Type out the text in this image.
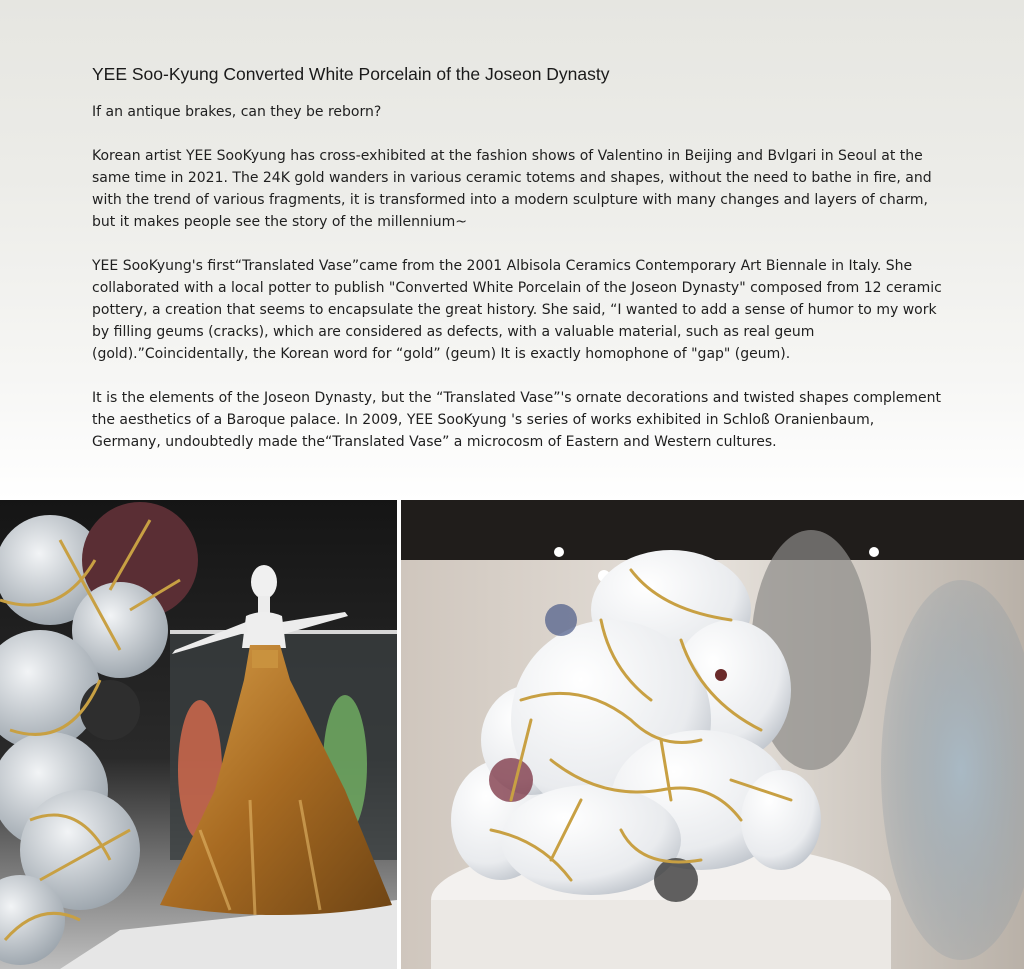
YEE Soo-Kyung Converted White Porcelain of the Joseon Dynasty

If an antique brakes, can they be reborn?

Korean artist YEE SooKyung has cross-exhibited at the fashion shows of Valentino in Beijing and Bvlgari in Seoul at the same time in 2021. The 24K gold wanders in various ceramic totems and shapes, without the need to bathe in fire, and with the trend of various fragments, it is transformed into a modern sculpture with many changes and layers of charm, but it makes people see the story of the millennium~

YEE SooKyung's first“Translated Vase”came from the 2001 Albisola Ceramics Contemporary Art Biennale in Italy. She collaborated with a local potter to publish "Converted White Porcelain of the Joseon Dynasty" composed from 12 ceramic pottery, a creation that seems to encapsulate the great history. She said, “I wanted to add a sense of humor to my work by filling geums (cracks), which are considered as defects, with a valuable material, such as real geum (gold).”Coincidentally, the Korean word for “gold” (geum) It is exactly homophone of "gap" (geum).

It is the elements of the Joseon Dynasty, but the “Translated Vase”'s ornate decorations and twisted shapes complement the aesthetics of a Baroque palace. In 2009, YEE SooKyung 's series of works exhibited in Schloß Oranienbaum, Germany, undoubtedly made the“Translated Vase” a microcosm of Eastern and Western cultures.
